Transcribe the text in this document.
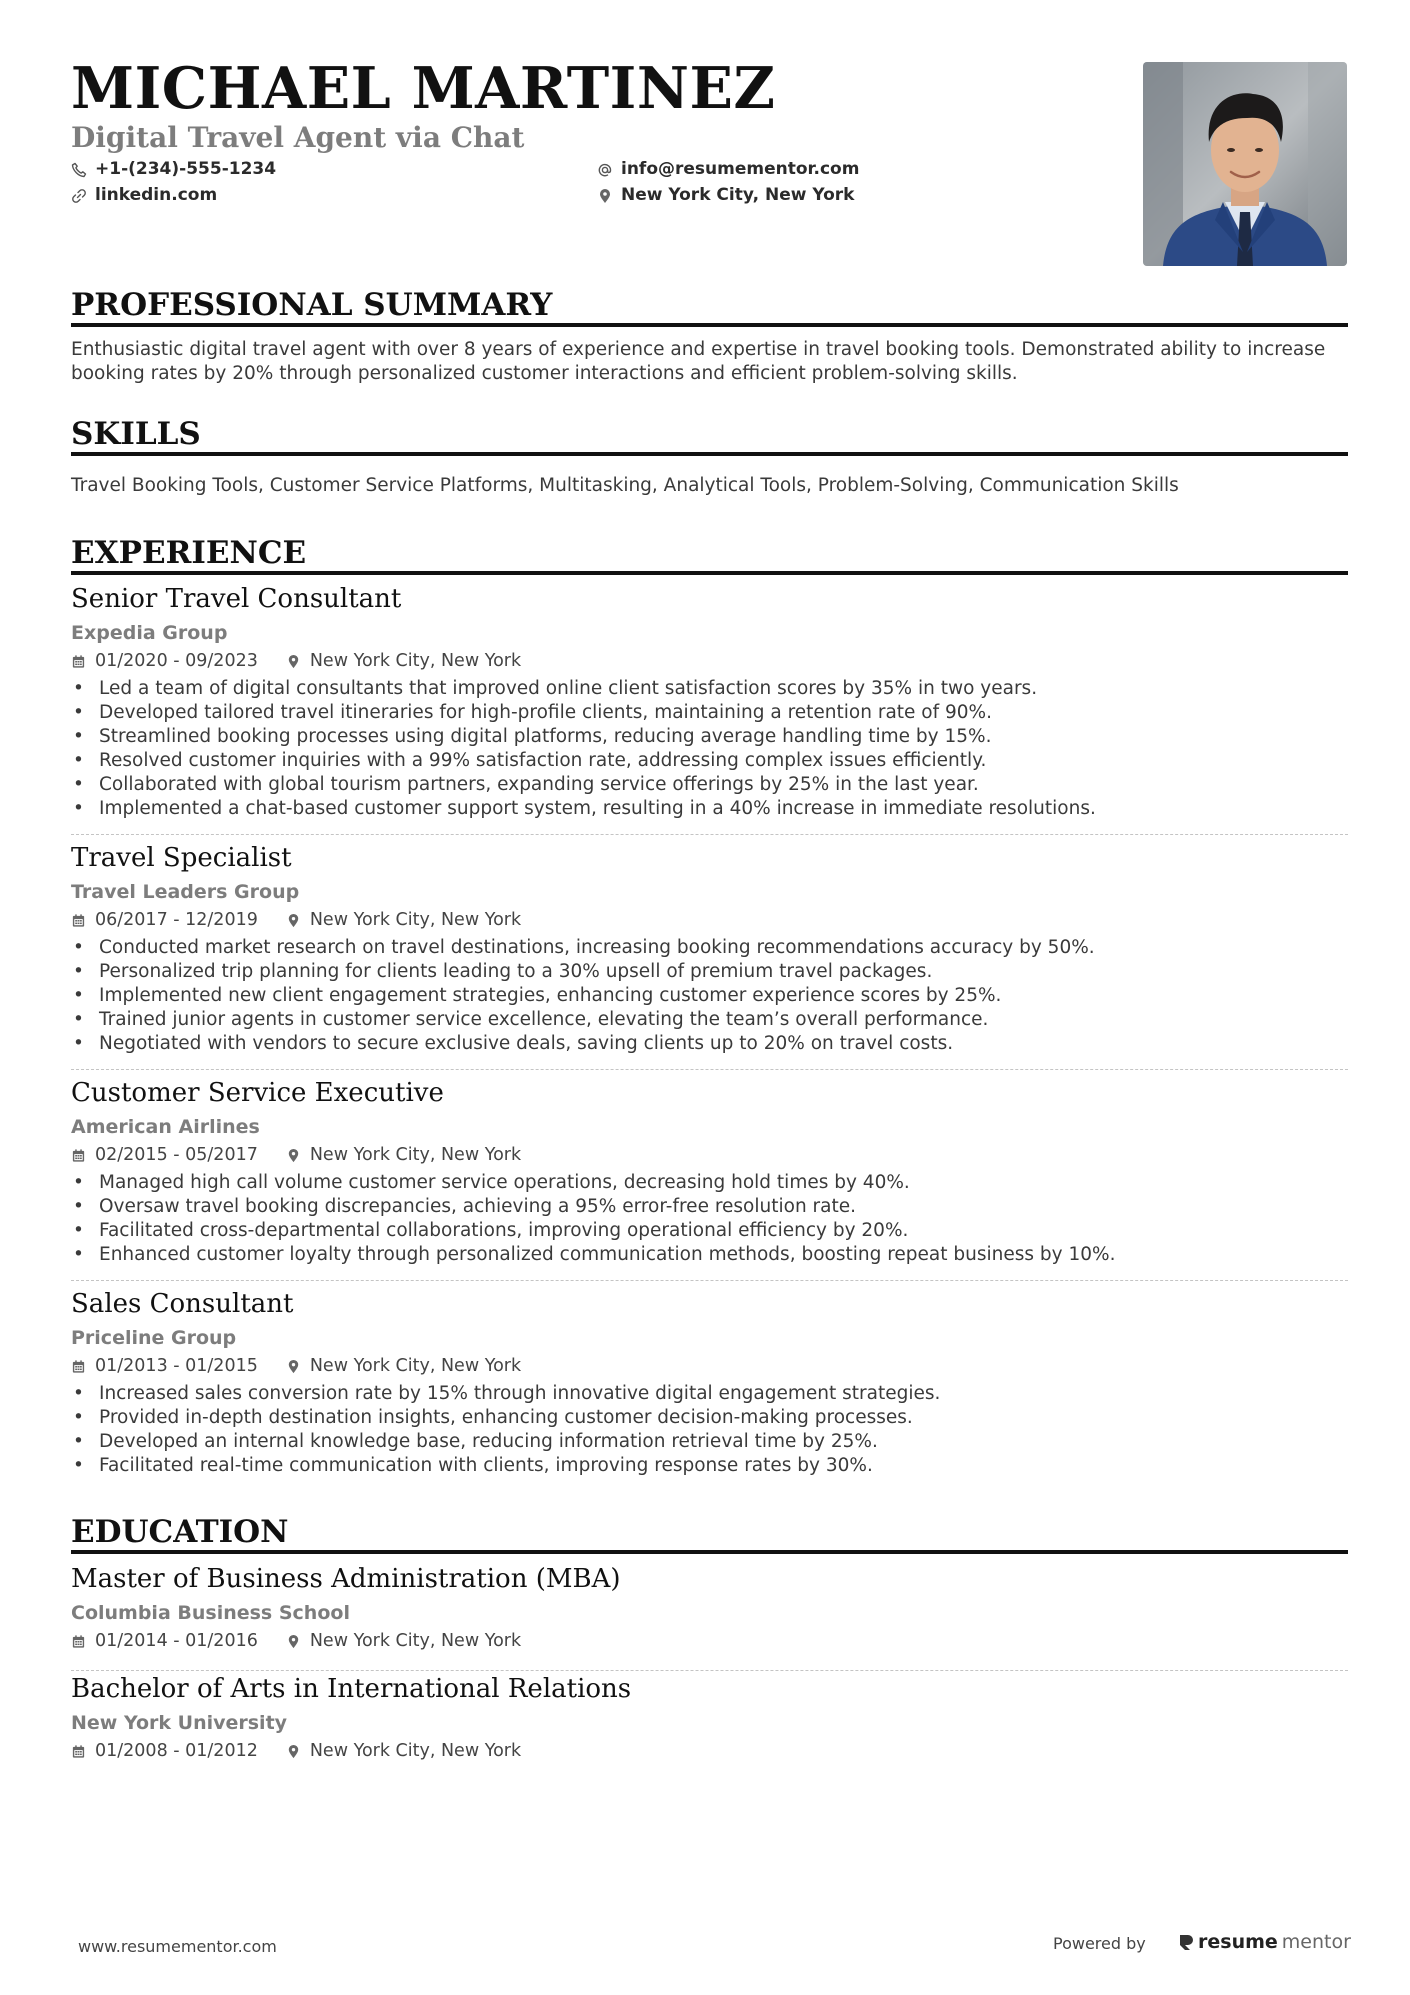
MICHAEL MARTINEZ
Digital Travel Agent via Chat
+1-(234)-555-1234	info@resumementor.com
linkedin.com	New York City, New York
PROFESSIONAL SUMMARY

Enthusiastic digital travel agent with over 8 years of experience and expertise in travel booking tools. Demonstrated ability to increase booking rates by 20% through personalized customer interactions and efficient problem-solving skills.

SKILLS

Travel Booking Tools, Customer Service Platforms, Multitasking, Analytical Tools, Problem-Solving, Communication Skills

EXPERIENCE
Senior Travel Consultant
Expedia Group
01/2020 - 09/2023	New York City, New York
• Led a team of digital consultants that improved online client satisfaction scores by 35% in two years.
• Developed tailored travel itineraries for high-profile clients, maintaining a retention rate of 90%.
• Streamlined booking processes using digital platforms, reducing average handling time by 15%.
• Resolved customer inquiries with a 99% satisfaction rate, addressing complex issues efficiently.
• Collaborated with global tourism partners, expanding service offerings by 25% in the last year.
• Implemented a chat-based customer support system, resulting in a 40% increase in immediate resolutions.
Travel Specialist
Travel Leaders Group
06/2017 - 12/2019	New York City, New York
• Conducted market research on travel destinations, increasing booking recommendations accuracy by 50%.
• Personalized trip planning for clients leading to a 30% upsell of premium travel packages.
• Implemented new client engagement strategies, enhancing customer experience scores by 25%.
• Trained junior agents in customer service excellence, elevating the team’s overall performance.
• Negotiated with vendors to secure exclusive deals, saving clients up to 20% on travel costs.
Customer Service Executive
American Airlines
02/2015 - 05/2017	New York City, New York
• Managed high call volume customer service operations, decreasing hold times by 40%.
• Oversaw travel booking discrepancies, achieving a 95% error-free resolution rate.
• Facilitated cross-departmental collaborations, improving operational efficiency by 20%.
• Enhanced customer loyalty through personalized communication methods, boosting repeat business by 10%.
Sales Consultant
Priceline Group
01/2013 - 01/2015	New York City, New York
• Increased sales conversion rate by 15% through innovative digital engagement strategies.
• Provided in-depth destination insights, enhancing customer decision-making processes.
• Developed an internal knowledge base, reducing information retrieval time by 25%.
• Facilitated real-time communication with clients, improving response rates by 30%.
EDUCATION
Master of Business Administration (MBA)
Columbia Business School
01/2014 - 01/2016	New York City, New York
Bachelor of Arts in International Relations
New York University
01/2008 - 01/2012	New York City, New York
www.resumementor.com	Powered by	resume mentor
